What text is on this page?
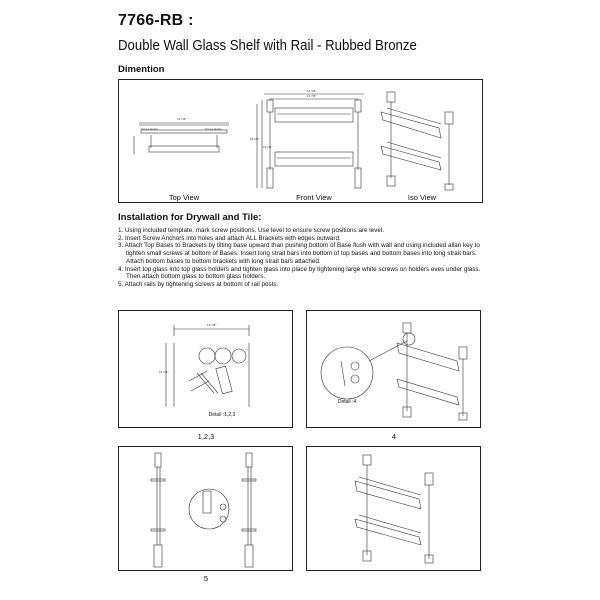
7766-RB :
Double Wall Glass Shelf with Rail - Rubbed Bronze
Dimention
13 7/8"
Screw Holes	Screw Holes
Top View
14 3/4"
13 7/8"
15 1/8"
19 1/2"
Front View	Iso View
Installation for Drywall and Tile:
1. Using included template, mark screw positions. Use level to ensure screw positions are level.
2. Insert Screw Anchors into holes and attach ALL Brackets with edges outward.
3. Attach Top Bases to Brackets by tilting base upward than pushing bottom of Base flush with wall and using included allan key to tighten small screws at bottom of Bases. Insert long strait bars into bottom of top bases and bottom bases into long strait bars. Attach bottom bases to bottom brackets with long strait bars attached.
4. Insert top glass into top glass holders and tighten glass into place by tightening large white screws on holders eves under glass. Then attach bottom glass to bottom glass holders.
5. Attach rails by tightening screws at bottom of rail posts.
13 7/8"
15 1/8"
Detail :1,2,3
1,2,3
Detail :4
4
5
